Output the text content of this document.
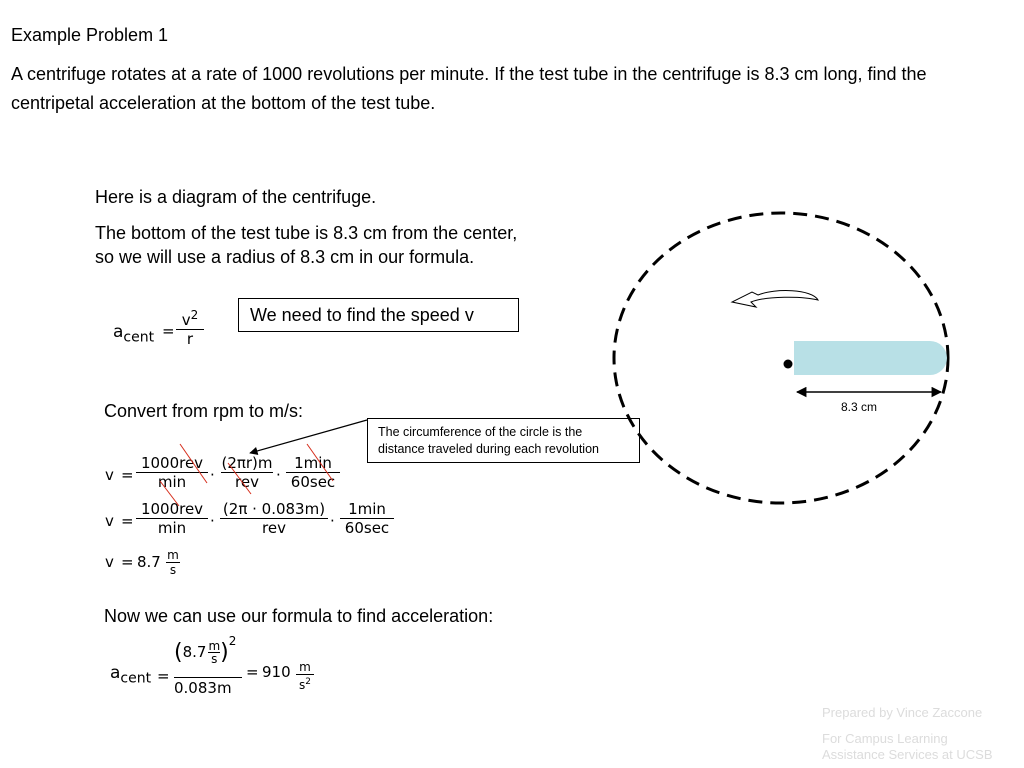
Example Problem 1
A centrifuge rotates at a rate of 1000 revolutions per minute. If the test tube in the centrifuge is 8.3 cm long, find the centripetal acceleration at the bottom of the test tube.
Here is a diagram of the centrifuge.
The bottom of the test tube is 8.3 cm from the center,
so we will use a radius of 8.3 cm in our formula.
$a_{cent}$ =
$v^2$
r
We need to find the speed v
Convert from rpm to m/s:
The circumference of the circle is the
distance traveled during each revolution
v =
1000rev
min	·
(2πr)m
rev	·
1min
60sec
v =
1000rev
min	·
(2π · 0.083m)
rev	·
1min
60sec
v = 8.7 m
s
Now we can use our formula to find acceleration:
$a_{cent}$ =
$(8.7 \frac{m}{s} )^2$
0.083m
= 910 m
$s^2$
8.3 cm
Prepared by Vince Zaccone
For Campus Learning
Assistance Services at UCSB
